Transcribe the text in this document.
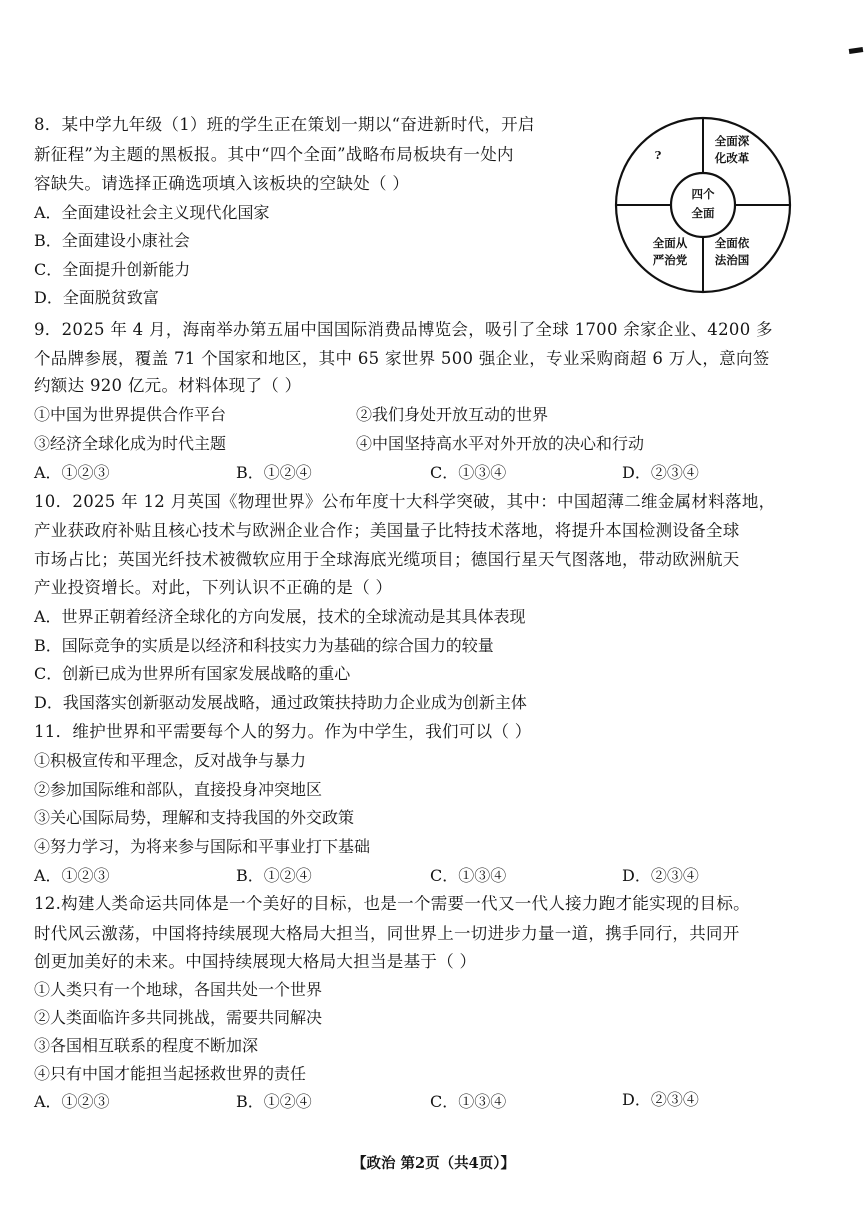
8．某中学九年级（1）班的学生正在策划一期以“奋进新时代，开启
新征程”为主题的黑板报。其中“四个全面”战略布局板块有一处内
容缺失。请选择正确选项填入该板块的空缺处（ ）
A．全面建设社会主义现代化国家
B．全面建设小康社会
C．全面提升创新能力
D．全面脱贫致富
四个
全面
?
全面深
化改革
全面从
严治党
全面依
法治国
9．2025 年 4 月，海南举办第五届中国国际消费品博览会，吸引了全球 1700 余家企业、4200 多
个品牌参展，覆盖 71 个国家和地区，其中 65 家世界 500 强企业，专业采购商超 6 万人，意向签
约额达 920 亿元。材料体现了（ ）
①中国为世界提供合作平台	②我们身处开放互动的世界
③经济全球化成为时代主题	④中国坚持高水平对外开放的决心和行动
A．①②③	B．①②④	C．①③④	D．②③④
10．2025 年 12 月英国《物理世界》公布年度十大科学突破，其中：中国超薄二维金属材料落地，
产业获政府补贴且核心技术与欧洲企业合作；美国量子比特技术落地，将提升本国检测设备全球
市场占比；英国光纤技术被微软应用于全球海底光缆项目；德国行星天气图落地，带动欧洲航天
产业投资增长。对此，下列认识不正确的是（ ）
A．世界正朝着经济全球化的方向发展，技术的全球流动是其具体表现
B．国际竞争的实质是以经济和科技实力为基础的综合国力的较量
C．创新已成为世界所有国家发展战略的重心
D．我国落实创新驱动发展战略，通过政策扶持助力企业成为创新主体
11．维护世界和平需要每个人的努力。作为中学生，我们可以（ ）
①积极宣传和平理念，反对战争与暴力
②参加国际维和部队，直接投身冲突地区
③关心国际局势，理解和支持我国的外交政策
④努力学习，为将来参与国际和平事业打下基础
A．①②③	B．①②④	C．①③④	D．②③④
12.构建人类命运共同体是一个美好的目标，也是一个需要一代又一代人接力跑才能实现的目标。
时代风云激荡，中国将持续展现大格局大担当，同世界上一切进步力量一道，携手同行，共同开
创更加美好的未来。中国持续展现大格局大担当是基于（ ）
①人类只有一个地球，各国共处一个世界
②人类面临许多共同挑战，需要共同解决
③各国相互联系的程度不断加深
④只有中国才能担当起拯救世界的责任
A．①②③	B．①②④	C．①③④	D．②③④
【政治 第2页（共4页）】
